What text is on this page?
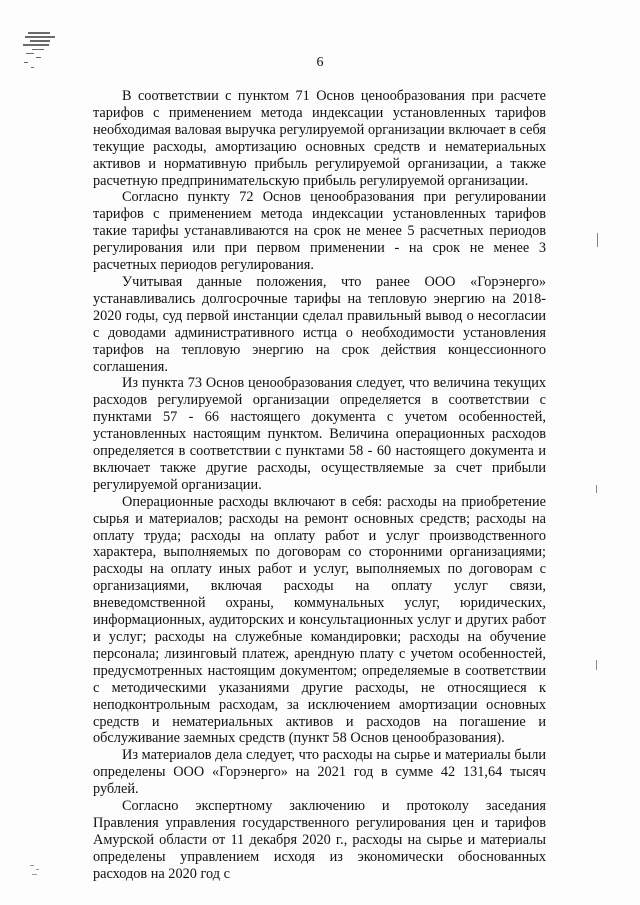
6

В соответствии с пунктом 71 Основ ценообразования при расчете тарифов с применением метода индексации установленных тарифов необходимая валовая выручка регулируемой организации включает в себя текущие расходы, амортизацию основных средств и нематериальных активов и нормативную прибыль регулируемой организации, а также расчетную предпринимательскую прибыль регулируемой организации.

Согласно пункту 72 Основ ценообразования при регулировании тарифов с применением метода индексации установленных тарифов такие тарифы устанавливаются на срок не менее 5 расчетных периодов регулирования или при первом применении - на срок не менее 3 расчетных периодов регулирования.

Учитывая данные положения, что ранее ООО «Горэнерго» устанавливались долгосрочные тарифы на тепловую энергию на 2018-2020 годы, суд первой инстанции сделал правильный вывод о несогласии с доводами административного истца о необходимости установления тарифов на тепловую энергию на срок действия концессионного соглашения.

Из пункта 73 Основ ценообразования следует, что величина текущих расходов регулируемой организации определяется в соответствии с пунктами 57 - 66 настоящего документа с учетом особенностей, установленных настоящим пунктом. Величина операционных расходов определяется в соответствии с пунктами 58 - 60 настоящего документа и включает также другие расходы, осуществляемые за счет прибыли регулируемой организации.

Операционные расходы включают в себя: расходы на приобретение сырья и материалов; расходы на ремонт основных средств; расходы на оплату труда; расходы на оплату работ и услуг производственного характера, выполняемых по договорам со сторонними организациями; расходы на оплату иных работ и услуг, выполняемых по договорам с организациями, включая расходы на оплату услуг связи, вневедомственной охраны, коммунальных услуг, юридических, информационных, аудиторских и консультационных услуг и других работ и услуг; расходы на служебные командировки; расходы на обучение персонала; лизинговый платеж, арендную плату с учетом особенностей, предусмотренных настоящим документом; определяемые в соответствии с методическими указаниями другие расходы, не относящиеся к неподконтрольным расходам, за исключением амортизации основных средств и нематериальных активов и расходов на погашение и обслуживание заемных средств (пункт 58 Основ ценообразования).

Из материалов дела следует, что расходы на сырье и материалы были определены ООО «Горэнерго» на 2021 год в сумме 42 131,64 тысяч рублей.

Согласно экспертному заключению и протоколу заседания Правления управления государственного регулирования цен и тарифов Амурской области от 11 декабря 2020 г., расходы на сырье и материалы определены управлением исходя из экономически обоснованных расходов на 2020 год с
